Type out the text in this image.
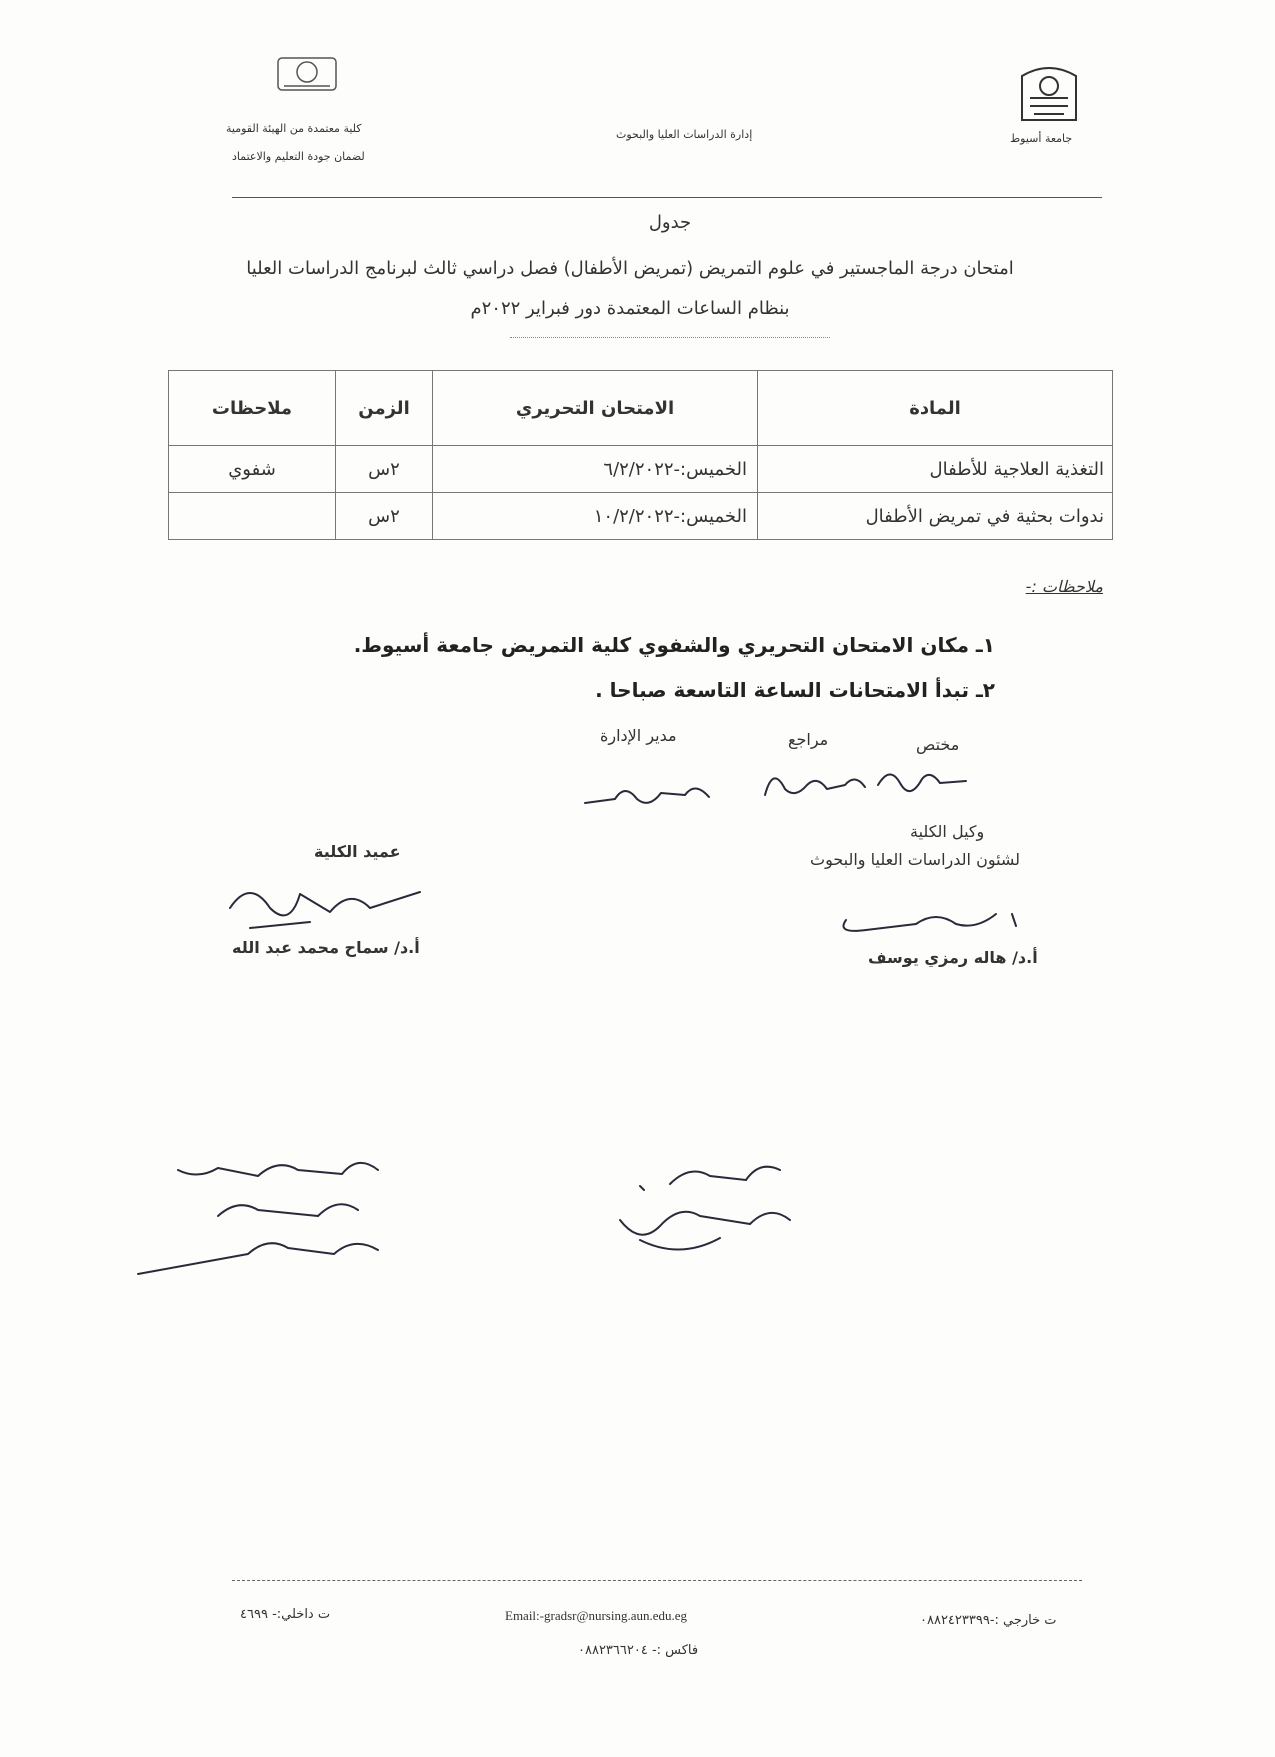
جامعة أسيوط
إدارة الدراسات العليا والبحوث
كلية معتمدة من الهيئة القومية
لضمان جودة التعليم والاعتماد
جدول
امتحان درجة الماجستير في علوم التمريض (تمريض الأطفال) فصل دراسي ثالث لبرنامج الدراسات العليا
بنظام الساعات المعتمدة دور فبراير ٢٠٢٢م
المادة	الامتحان التحريري	الزمن	ملاحظات
التغذية العلاجية للأطفال	الخميس:-٦/٢/٢٠٢٢	٢س	شفوي
ندوات بحثية في تمريض الأطفال	الخميس:-١٠/٢/٢٠٢٢	٢س	
ملاحظات :-
١ـ مكان الامتحان التحريري والشفوي كلية التمريض جامعة أسيوط.
٢ـ تبدأ الامتحانات الساعة التاسعة صباحا .
مختص
مراجع
مدير الإدارة
وكيل الكلية
لشئون الدراسات العليا والبحوث
أ.د/ هاله رمزي يوسف
عميد الكلية
أ.د/ سماح محمد عبد الله
ت خارجي :-٠٨٨٢٤٢٣٣٩٩
Email:-gradsr@nursing.aun.edu.eg
ت داخلي:- ٤٦٩٩
فاكس :- ٠٨٨٢٣٦٦٢٠٤
